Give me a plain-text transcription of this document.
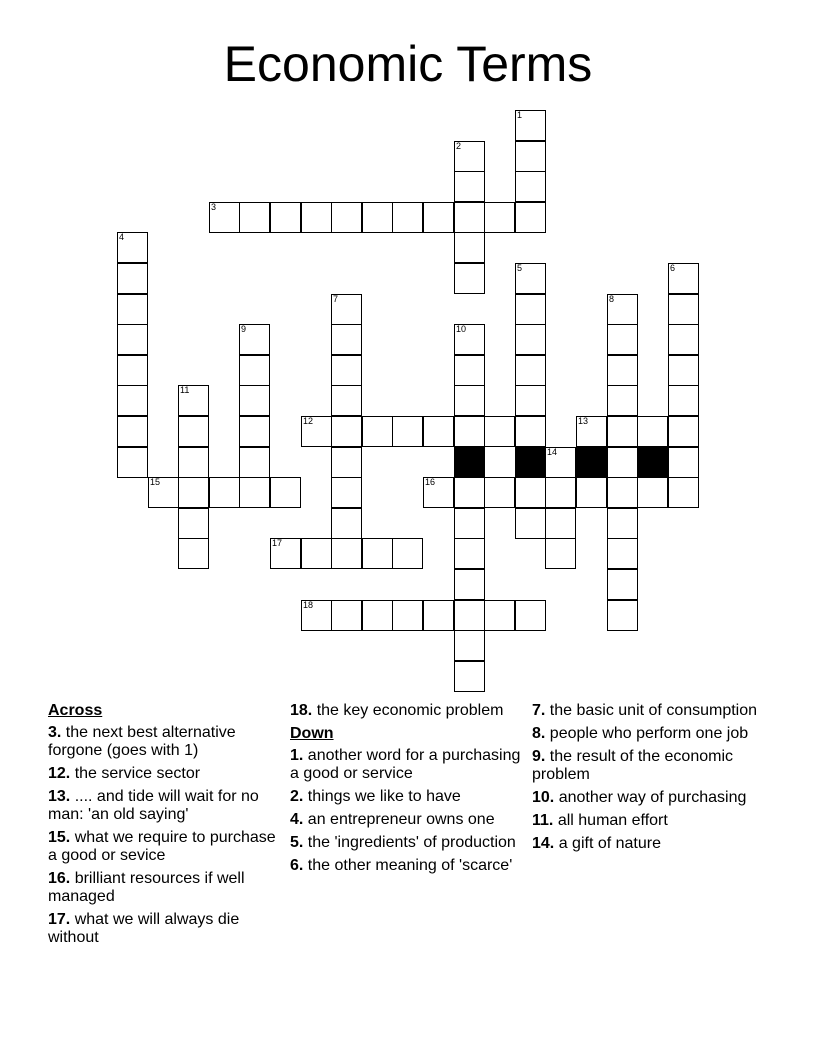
Economic Terms
3
12	13
14
15	16
17
18
1
2
4
5	6
7	8
9	10
11
Across
3. the next best alternative forgone (goes with 1)
12. the service sector
13. .... and tide will wait for no man: 'an old saying'
15. what we require to purchase a good or sevice
16. brilliant resources if well managed
17. what we will always die without
18. the key economic problem
Down
1. another word for a purchasing a good or service
2. things we like to have
4. an entrepreneur owns one
5. the 'ingredients' of production
6. the other meaning of 'scarce'
7. the basic unit of consumption
8. people who perform one job
9. the result of the economic problem
10. another way of purchasing
11. all human effort
14. a gift of nature
